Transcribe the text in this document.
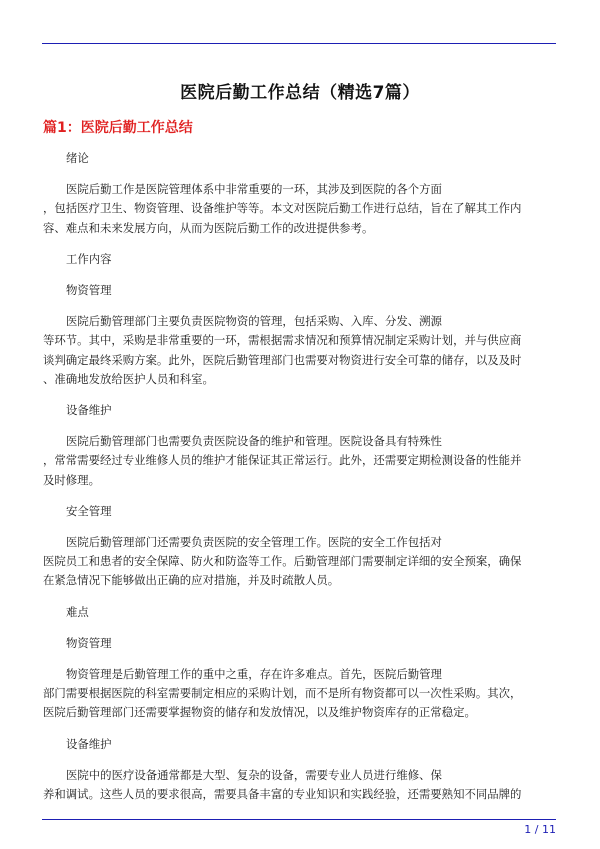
医院后勤工作总结（精选7篇）
篇1：医院后勤工作总结
绪论
医院后勤工作是医院管理体系中非常重要的一环，其涉及到医院的各个方面
，包括医疗卫生、物资管理、设备维护等等。本文对医院后勤工作进行总结，旨在了解其工作内
容、难点和未来发展方向，从而为医院后勤工作的改进提供参考。
工作内容
物资管理
医院后勤管理部门主要负责医院物资的管理，包括采购、入库、分发、溯源
等环节。其中，采购是非常重要的一环，需根据需求情况和预算情况制定采购计划，并与供应商
谈判确定最终采购方案。此外，医院后勤管理部门也需要对物资进行安全可靠的储存，以及及时
、准确地发放给医护人员和科室。
设备维护
医院后勤管理部门也需要负责医院设备的维护和管理。医院设备具有特殊性
，常常需要经过专业维修人员的维护才能保证其正常运行。此外，还需要定期检测设备的性能并
及时修理。
安全管理
医院后勤管理部门还需要负责医院的安全管理工作。医院的安全工作包括对
医院员工和患者的安全保障、防火和防盗等工作。后勤管理部门需要制定详细的安全预案，确保
在紧急情况下能够做出正确的应对措施，并及时疏散人员。
难点
物资管理
物资管理是后勤管理工作的重中之重，存在许多难点。首先，医院后勤管理
部门需要根据医院的科室需要制定相应的采购计划，而不是所有物资都可以一次性采购。其次，
医院后勤管理部门还需要掌握物资的储存和发放情况，以及维护物资库存的正常稳定。
设备维护
医院中的医疗设备通常都是大型、复杂的设备，需要专业人员进行维修、保
养和调试。这些人员的要求很高，需要具备丰富的专业知识和实践经验，还需要熟知不同品牌的
1 / 11
